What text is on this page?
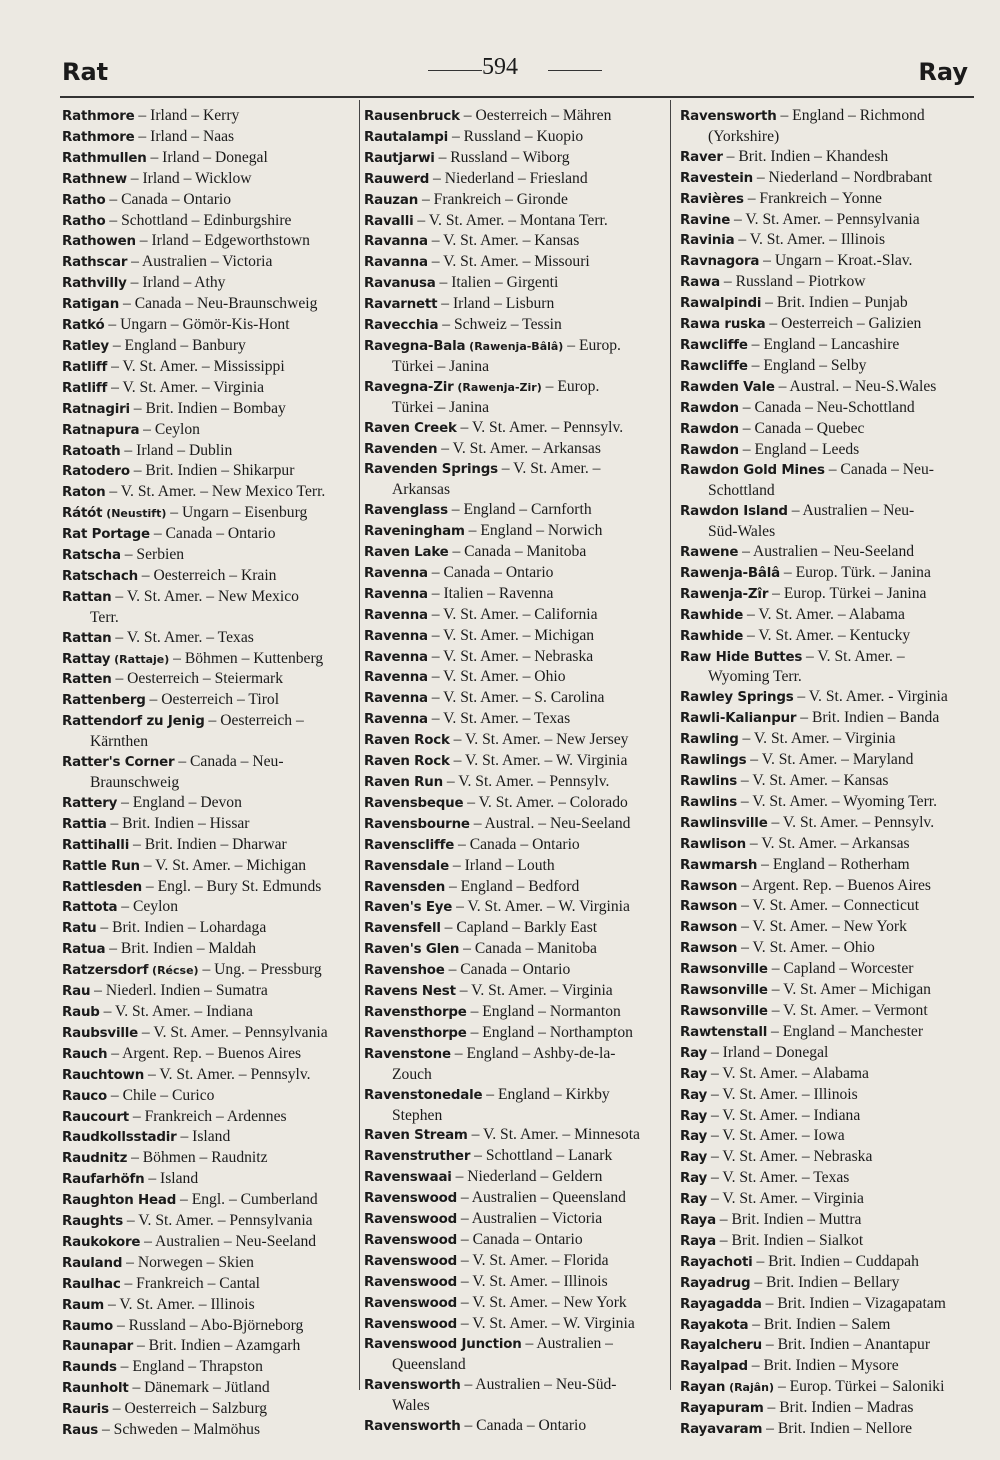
Rat	594	Ray
Rathmore – Irland – Kerry
Rathmore – Irland – Naas
Rathmullen – Irland – Donegal
Rathnew – Irland – Wicklow
Ratho – Canada – Ontario
Ratho – Schottland – Edinburgshire
Rathowen – Irland – Edgeworthstown
Rathscar – Australien – Victoria
Rathvilly – Irland – Athy
Ratigan – Canada – Neu-Braunschweig
Ratkó – Ungarn – Gömör-Kis-Hont
Ratley – England – Banbury
Ratliff – V. St. Amer. – Mississippi
Ratliff – V. St. Amer. – Virginia
Ratnagiri – Brit. Indien – Bombay
Ratnapura – Ceylon
Ratoath – Irland – Dublin
Ratodero – Brit. Indien – Shikarpur
Raton – V. St. Amer. – New Mexico Terr.
Rátót (Neustift) – Ungarn – Eisenburg
Rat Portage – Canada – Ontario
Ratscha – Serbien
Ratschach – Oesterreich – Krain
Rattan – V. St. Amer. – New Mexico
Terr.
Rattan – V. St. Amer. – Texas
Rattay (Rattaje) – Böhmen – Kuttenberg
Ratten – Oesterreich – Steiermark
Rattenberg – Oesterreich – Tirol
Rattendorf zu Jenig – Oesterreich –
Kärnthen
Ratter's Corner – Canada – Neu-
Braunschweig
Rattery – England – Devon
Rattia – Brit. Indien – Hissar
Rattihalli – Brit. Indien – Dharwar
Rattle Run – V. St. Amer. – Michigan
Rattlesden – Engl. – Bury St. Edmunds
Rattota – Ceylon
Ratu – Brit. Indien – Lohardaga
Ratua – Brit. Indien – Maldah
Ratzersdorf (Récse) – Ung. – Pressburg
Rau – Niederl. Indien – Sumatra
Raub – V. St. Amer. – Indiana
Raubsville – V. St. Amer. – Pennsylvania
Rauch – Argent. Rep. – Buenos Aires
Rauchtown – V. St. Amer. – Pennsylv.
Rauco – Chile – Curico
Raucourt – Frankreich – Ardennes
Raudkollsstadir – Island
Raudnitz – Böhmen – Raudnitz
Raufarhöfn – Island
Raughton Head – Engl. – Cumberland
Raughts – V. St. Amer. – Pennsylvania
Raukokore – Australien – Neu-Seeland
Rauland – Norwegen – Skien
Raulhac – Frankreich – Cantal
Raum – V. St. Amer. – Illinois
Raumo – Russland – Abo-Björneborg
Raunapar – Brit. Indien – Azamgarh
Raunds – England – Thrapston
Raunholt – Dänemark – Jütland
Rauris – Oesterreich – Salzburg
Raus – Schweden – Malmöhus
Rausenbruck – Oesterreich – Mähren
Rautalampi – Russland – Kuopio
Rautjarwi – Russland – Wiborg
Rauwerd – Niederland – Friesland
Rauzan – Frankreich – Gironde
Ravalli – V. St. Amer. – Montana Terr.
Ravanna – V. St. Amer. – Kansas
Ravanna – V. St. Amer. – Missouri
Ravanusa – Italien – Girgenti
Ravarnett – Irland – Lisburn
Ravecchia – Schweiz – Tessin
Ravegna-Bala (Rawenja-Bâlâ) – Europ.
Türkei – Janina
Ravegna-Zir (Rawenja-Zir) – Europ.
Türkei – Janina
Raven Creek – V. St. Amer. – Pennsylv.
Ravenden – V. St. Amer. – Arkansas
Ravenden Springs – V. St. Amer. –
Arkansas
Ravenglass – England – Carnforth
Raveningham – England – Norwich
Raven Lake – Canada – Manitoba
Ravenna – Canada – Ontario
Ravenna – Italien – Ravenna
Ravenna – V. St. Amer. – California
Ravenna – V. St. Amer. – Michigan
Ravenna – V. St. Amer. – Nebraska
Ravenna – V. St. Amer. – Ohio
Ravenna – V. St. Amer. – S. Carolina
Ravenna – V. St. Amer. – Texas
Raven Rock – V. St. Amer. – New Jersey
Raven Rock – V. St. Amer. – W. Virginia
Raven Run – V. St. Amer. – Pennsylv.
Ravensbeque – V. St. Amer. – Colorado
Ravensbourne – Austral. – Neu-Seeland
Ravenscliffe – Canada – Ontario
Ravensdale – Irland – Louth
Ravensden – England – Bedford
Raven's Eye – V. St. Amer. – W. Virginia
Ravensfell – Capland – Barkly East
Raven's Glen – Canada – Manitoba
Ravenshoe – Canada – Ontario
Ravens Nest – V. St. Amer. – Virginia
Ravensthorpe – England – Normanton
Ravensthorpe – England – Northampton
Ravenstone – England – Ashby-de-la-
Zouch
Ravenstonedale – England – Kirkby
Stephen
Raven Stream – V. St. Amer. – Minnesota
Ravenstruther – Schottland – Lanark
Ravenswaai – Niederland – Geldern
Ravenswood – Australien – Queensland
Ravenswood – Australien – Victoria
Ravenswood – Canada – Ontario
Ravenswood – V. St. Amer. – Florida
Ravenswood – V. St. Amer. – Illinois
Ravenswood – V. St. Amer. – New York
Ravenswood – V. St. Amer. – W. Virginia
Ravenswood Junction – Australien –
Queensland
Ravensworth – Australien – Neu-Süd-
Wales
Ravensworth – Canada – Ontario
Ravensworth – England – Richmond
(Yorkshire)
Raver – Brit. Indien – Khandesh
Ravestein – Niederland – Nordbrabant
Ravières – Frankreich – Yonne
Ravine – V. St. Amer. – Pennsylvania
Ravinia – V. St. Amer. – Illinois
Ravnagora – Ungarn – Kroat.-Slav.
Rawa – Russland – Piotrkow
Rawalpindi – Brit. Indien – Punjab
Rawa ruska – Oesterreich – Galizien
Rawcliffe – England – Lancashire
Rawcliffe – England – Selby
Rawden Vale – Austral. – Neu-S.Wales
Rawdon – Canada – Neu-Schottland
Rawdon – Canada – Quebec
Rawdon – England – Leeds
Rawdon Gold Mines – Canada – Neu-
Schottland
Rawdon Island – Australien – Neu-
Süd-Wales
Rawene – Australien – Neu-Seeland
Rawenja-Bâlâ – Europ. Türk. – Janina
Rawenja-Zîr – Europ. Türkei – Janina
Rawhide – V. St. Amer. – Alabama
Rawhide – V. St. Amer. – Kentucky
Raw Hide Buttes – V. St. Amer. –
Wyoming Terr.
Rawley Springs – V. St. Amer. - Virginia
Rawli-Kalianpur – Brit. Indien – Banda
Rawling – V. St. Amer. – Virginia
Rawlings – V. St. Amer. – Maryland
Rawlins – V. St. Amer. – Kansas
Rawlins – V. St. Amer. – Wyoming Terr.
Rawlinsville – V. St. Amer. – Pennsylv.
Rawlison – V. St. Amer. – Arkansas
Rawmarsh – England – Rotherham
Rawson – Argent. Rep. – Buenos Aires
Rawson – V. St. Amer. – Connecticut
Rawson – V. St. Amer. – New York
Rawson – V. St. Amer. – Ohio
Rawsonville – Capland – Worcester
Rawsonville – V. St. Amer – Michigan
Rawsonville – V. St. Amer. – Vermont
Rawtenstall – England – Manchester
Ray – Irland – Donegal
Ray – V. St. Amer. – Alabama
Ray – V. St. Amer. – Illinois
Ray – V. St. Amer. – Indiana
Ray – V. St. Amer. – Iowa
Ray – V. St. Amer. – Nebraska
Ray – V. St. Amer. – Texas
Ray – V. St. Amer. – Virginia
Raya – Brit. Indien – Muttra
Raya – Brit. Indien – Sialkot
Rayachoti – Brit. Indien – Cuddapah
Rayadrug – Brit. Indien – Bellary
Rayagadda – Brit. Indien – Vizagapatam
Rayakota – Brit. Indien – Salem
Rayalcheru – Brit. Indien – Anantapur
Rayalpad – Brit. Indien – Mysore
Rayan (Rajân) – Europ. Türkei – Saloniki
Rayapuram – Brit. Indien – Madras
Rayavaram – Brit. Indien – Nellore
